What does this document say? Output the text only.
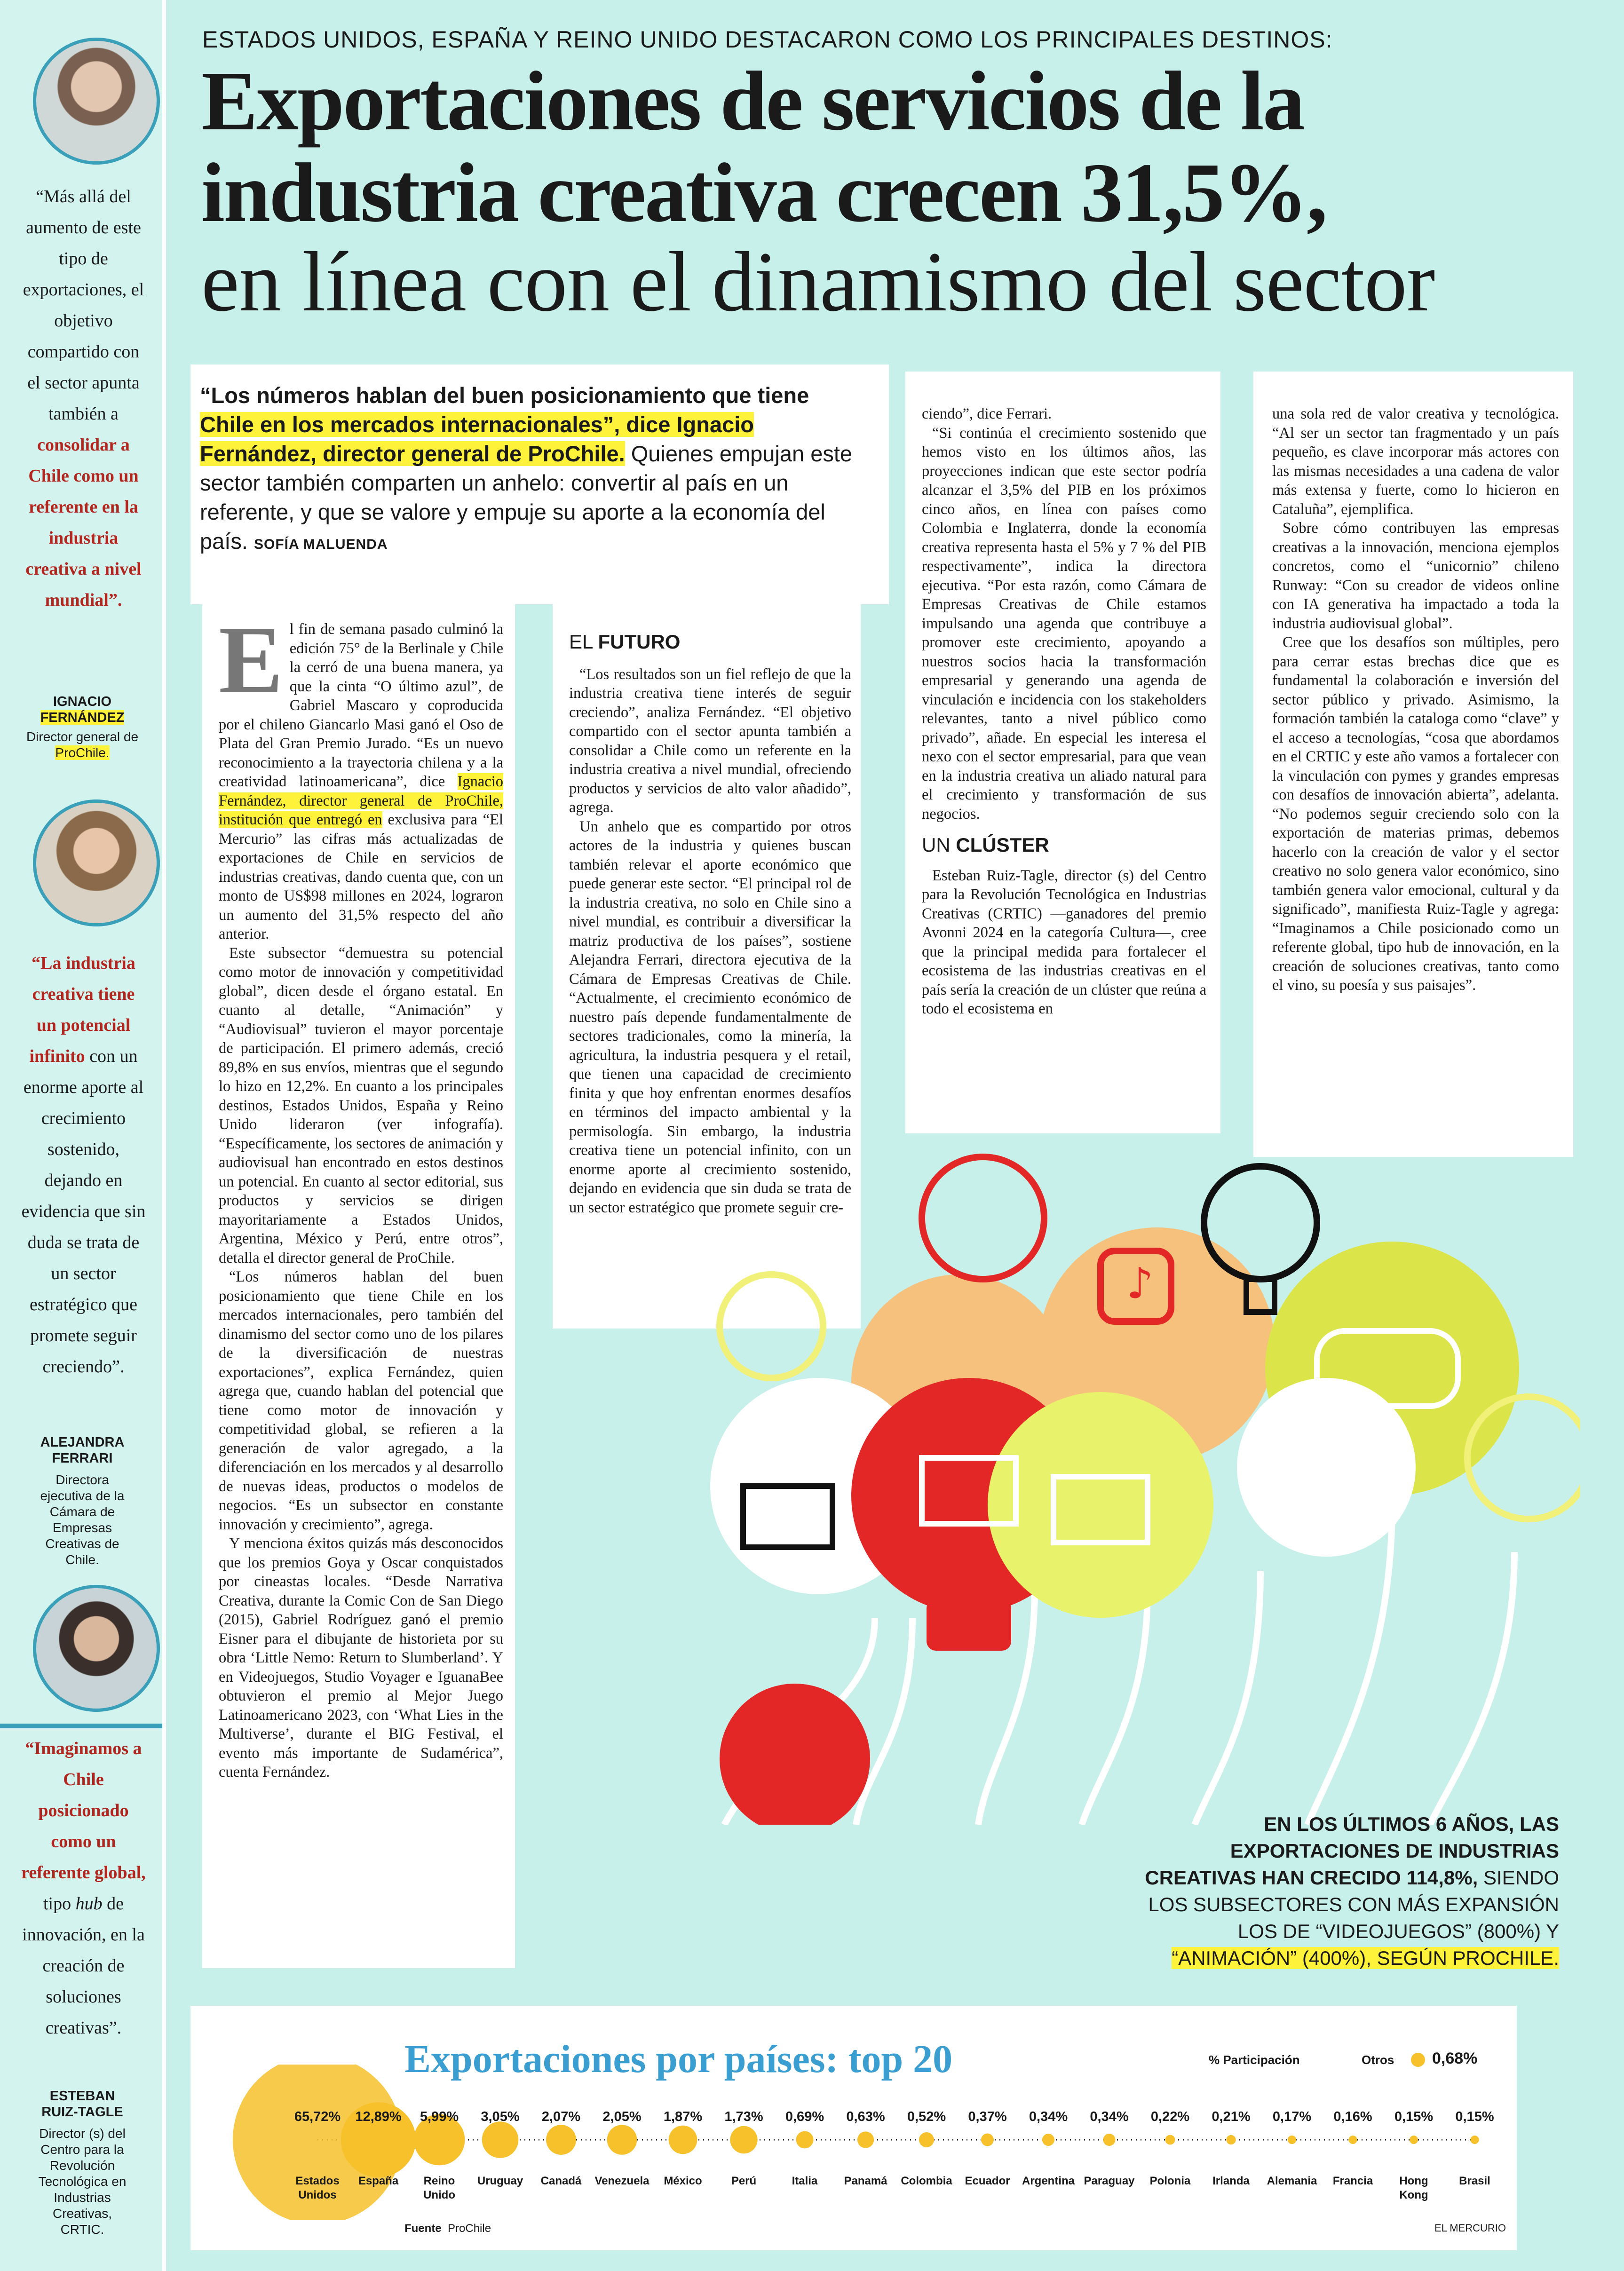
“Más allá del aumento de este tipo de exportaciones, el objetivo compartido con el sector apunta también a consolidar a Chile como un referente en la industria creativa a nivel mundial”.
IGNACIO
FERNÁNDEZ
Director general de
ProChile.
“La industria creativa tiene un potencial infinito con un enorme aporte al crecimiento sostenido, dejando en evidencia que sin duda se trata de un sector estratégico que promete seguir creciendo”.
ALEJANDRA
FERRARI
Directora ejecutiva de la Cámara de Empresas Creativas de Chile.
“Imaginamos a Chile posicionado como un referente global, tipo hub de innovación, en la creación de soluciones creativas”.
ESTEBAN
RUIZ-TAGLE
Director (s) del Centro para la Revolución Tecnológica en Industrias Creativas, CRTIC.
ESTADOS UNIDOS, ESPAÑA Y REINO UNIDO DESTACARON COMO LOS PRINCIPALES DESTINOS:
Exportaciones de servicios de la
industria creativa crecen 31,5%,
en línea con el dinamismo del sector
“Los números hablan del buen posicionamiento que tiene
Chile en los mercados internacionales”, dice Ignacio
Fernández, director general de ProChile. Quienes empujan este sector también comparten un anhelo: convertir al país en un referente, y que se valore y empuje su aporte a la economía del país. SOFÍA MALUENDA
E l fin de semana pasado culminó la edición 75° de la Berlinale y Chile la cerró de una buena manera, ya que la cinta “O último azul”, de Gabriel Mascaro y coproducida por el chileno Giancarlo Masi ganó el Oso de Plata del Gran Premio Jurado. “Es un nuevo reconocimiento a la trayectoria chilena y a la creatividad latinoamericana”, dice Ignacio Fernández, director general de ProChile, institución que entregó en exclusiva para “El Mercurio” las cifras más actualizadas de exportaciones de Chile en servicios de industrias creativas, dando cuenta que, con un monto de US$98 millones en 2024, lograron un aumento del 31,5% respecto del año anterior.

Este subsector “demuestra su potencial como motor de innovación y competitividad global”, dicen desde el órgano estatal. En cuanto al detalle, “Animación” y “Audiovisual” tuvieron el mayor porcentaje de participación. El primero además, creció 89,8% en sus envíos, mientras que el segundo lo hizo en 12,2%. En cuanto a los principales destinos, Estados Unidos, España y Reino Unido lideraron (ver infografía). “Específicamente, los sectores de animación y audiovisual han encontrado en estos destinos un potencial. En cuanto al sector editorial, sus productos y servicios se dirigen mayoritariamente a Estados Unidos, Argentina, México y Perú, entre otros”, detalla el director general de ProChile.

“Los números hablan del buen posicionamiento que tiene Chile en los mercados internacionales, pero también del dinamismo del sector como uno de los pilares de la diversificación de nuestras exportaciones”, explica Fernández, quien agrega que, cuando hablan del potencial que tiene como motor de innovación y competitividad global, se refieren a la generación de valor agregado, a la diferenciación en los mercados y al desarrollo de nuevas ideas, productos o modelos de negocios. “Es un subsector en constante innovación y crecimiento”, agrega.

Y menciona éxitos quizás más desconocidos que los premios Goya y Oscar conquistados por cineastas locales. “Desde Narrativa Creativa, durante la Comic Con de San Diego (2015), Gabriel Rodríguez ganó el premio Eisner para el dibujante de historieta por su obra ‘Little Nemo: Return to Slumberland’. Y en Videojuegos, Studio Voyager e IguanaBee obtuvieron el premio al Mejor Juego Latinoamericano 2023, con ‘What Lies in the Multiverse’, durante el BIG Festival, el evento más importante de Sudamérica”, cuenta Fernández.

EL FUTURO

“Los resultados son un fiel reflejo de que la industria creativa tiene interés de seguir creciendo”, analiza Fernández. “El objetivo compartido con el sector apunta también a consolidar a Chile como un referente en la industria creativa a nivel mundial, ofreciendo productos y servicios de alto valor añadido”, agrega.

Un anhelo que es compartido por otros actores de la industria y quienes buscan también relevar el aporte económico que puede generar este sector. “El principal rol de la industria creativa, no solo en Chile sino a nivel mundial, es contribuir a diversificar la matriz productiva de los países”, sostiene Alejandra Ferrari, directora ejecutiva de la Cámara de Empresas Creativas de Chile. “Actualmente, el crecimiento económico de nuestro país depende fundamentalmente de sectores tradicionales, como la minería, la agricultura, la industria pesquera y el retail, que tienen una capacidad de crecimiento finita y que hoy enfrentan enormes desafíos en términos del impacto ambiental y la permisología. Sin embargo, la industria creativa tiene un potencial infinito, con un enorme aporte al crecimiento sostenido, dejando en evidencia que sin duda se trata de un sector estratégico que promete seguir cre-

ciendo”, dice Ferrari.

“Si continúa el crecimiento sostenido que hemos visto en los últimos años, las proyecciones indican que este sector podría alcanzar el 3,5% del PIB en los próximos cinco años, en línea con países como Colombia e Inglaterra, donde la economía creativa representa hasta el 5% y 7 % del PIB respectivamente”, indica la directora ejecutiva. “Por esta razón, como Cámara de Empresas Creativas de Chile estamos impulsando una agenda que contribuye a promover este crecimiento, apoyando a nuestros socios hacia la transformación empresarial y generando una agenda de vinculación e incidencia con los stakeholders relevantes, tanto a nivel público como privado”, añade. En especial les interesa el nexo con el sector empresarial, para que vean en la industria creativa un aliado natural para el crecimiento y transformación de sus negocios.

UN CLÚSTER

Esteban Ruiz-Tagle, director (s) del Centro para la Revolución Tecnológica en Industrias Creativas (CRTIC) —ganadores del premio Avonni 2024 en la categoría Cultura—, cree que la principal medida para fortalecer el ecosistema de las industrias creativas en el país sería la creación de un clúster que reúna a todo el ecosistema en

una sola red de valor creativa y tecnológica. “Al ser un sector tan fragmentado y un país pequeño, es clave incorporar más actores con las mismas necesidades a una cadena de valor más extensa y fuerte, como lo hicieron en Cataluña”, ejemplifica.

Sobre cómo contribuyen las empresas creativas a la innovación, menciona ejemplos concretos, como el “unicornio” chileno Runway: “Con su creador de videos online con IA generativa ha impactado a toda la industria audiovisual global”.

Cree que los desafíos son múltiples, pero para cerrar estas brechas dice que es fundamental la colaboración e inversión del sector público y privado. Asimismo, la formación también la cataloga como “clave” y el acceso a tecnologías, “cosa que abordamos en el CRTIC y este año vamos a fortalecer con la vinculación con pymes y grandes empresas con desafíos de innovación abierta”, adelanta. “No podemos seguir creciendo solo con la exportación de materias primas, debemos hacerlo con la creación de valor y el sector creativo no solo genera valor económico, sino también genera valor emocional, cultural y da significado”, manifiesta Ruiz-Tagle y agrega: “Imaginamos a Chile posicionado como un referente global, tipo hub de innovación, en la creación de soluciones creativas, tanto como el vino, su poesía y sus paisajes”.

♪
EN LOS ÚLTIMOS 6 AÑOS, LAS
EXPORTACIONES DE INDUSTRIAS
CREATIVAS HAN CRECIDO 114,8%, SIENDO
LOS SUBSECTORES CON MÁS EXPANSIÓN
LOS DE “VIDEOJUEGOS” (800%) Y
“ANIMACIÓN” (400%), SEGÚN PROCHILE.
Exportaciones por países: top 20	% Participación	Otros 0,68%
65,72%
Estados
Unidos
12,89%
España
5,99%
Reino
Unido
3,05%
Uruguay
2,07%
Canadá
2,05%
Venezuela
1,87%
México
1,73%
Perú
0,69%
Italia
0,63%
Panamá
0,52%
Colombia
0,37%
Ecuador
0,34%
Argentina
0,34%
Paraguay
0,22%
Polonia
0,21%
Irlanda
0,17%
Alemania
0,16%
Francia
0,15%
Hong
Kong
0,15%
Brasil
Fuente ProChile	EL MERCURIO
